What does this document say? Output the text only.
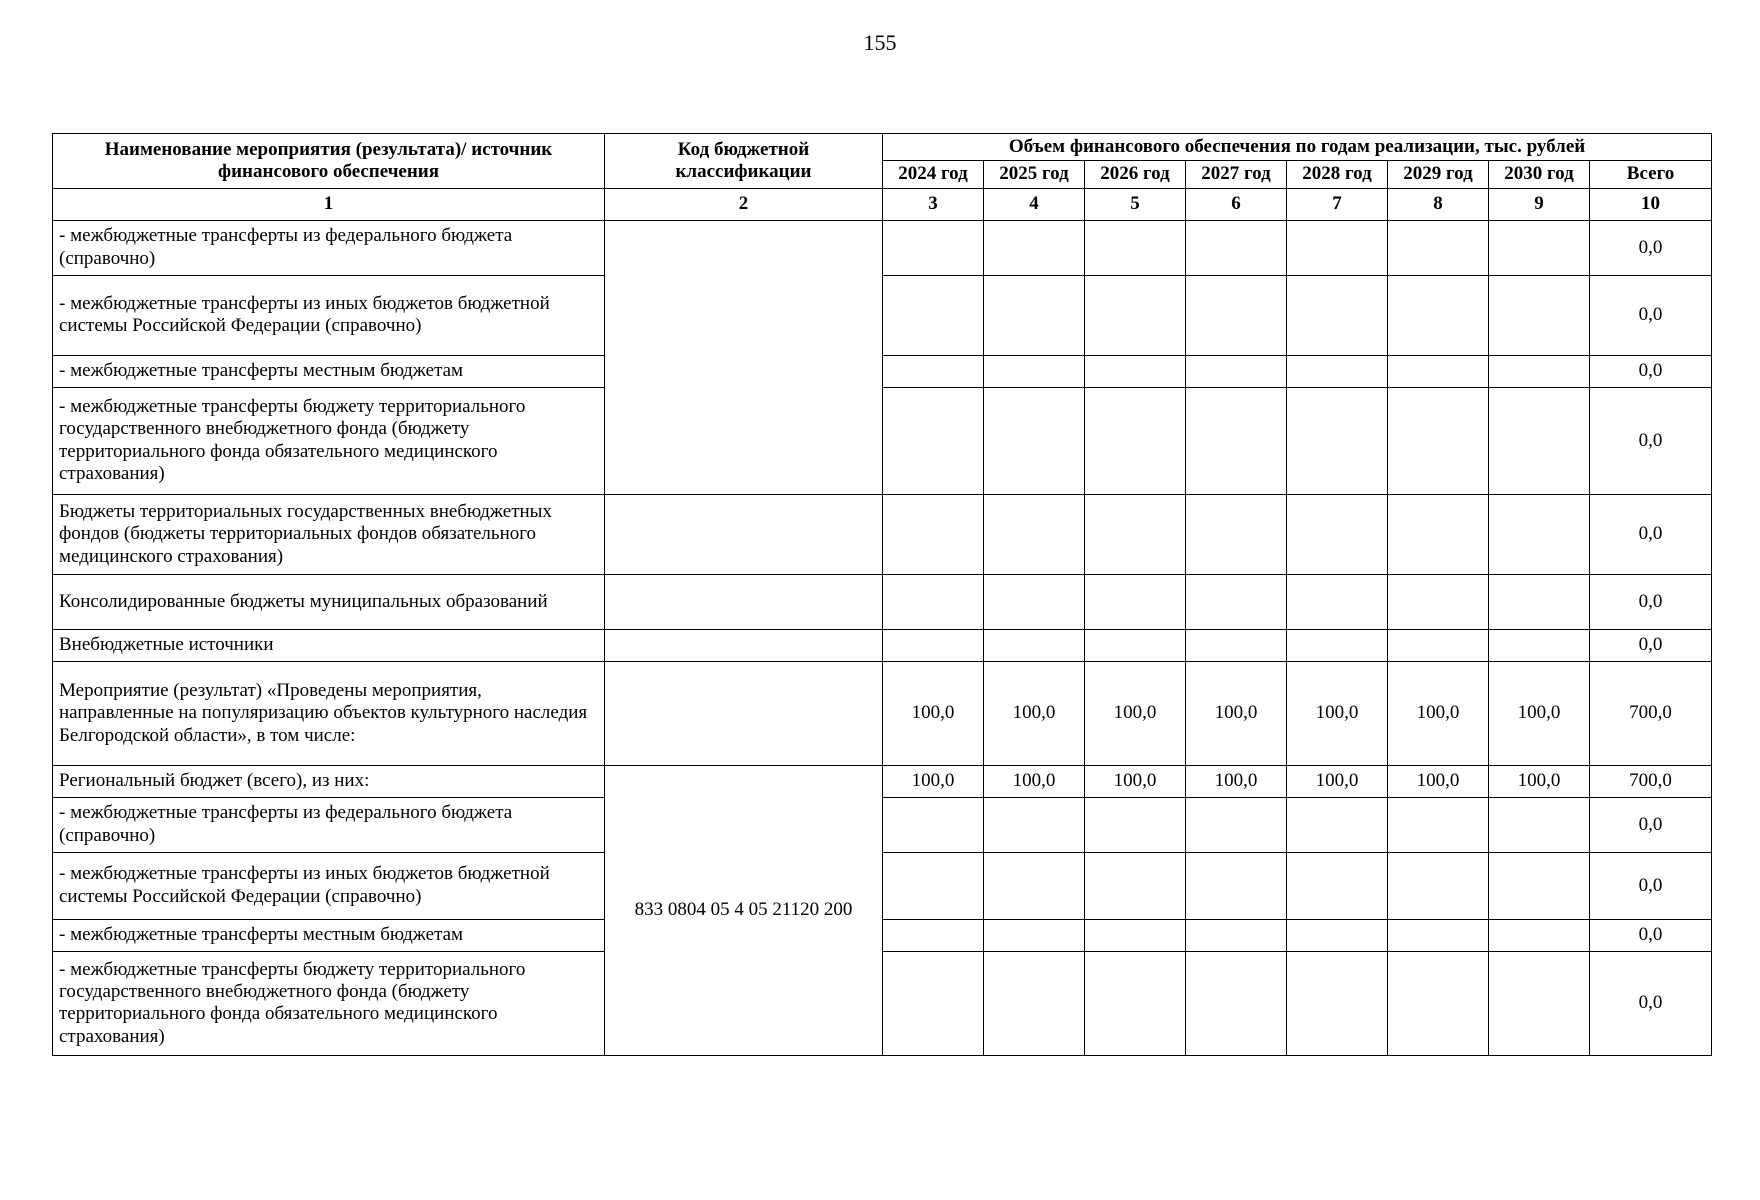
155
Наименование мероприятия (результата)/ источник финансового обеспечения	Код бюджетной классификации	Объем финансового обеспечения по годам реализации, тыс. рублей							
		2024 год	2025 год	2026 год	2027 год	2028 год	2029 год	2030 год	Всего
1	2	3	4	5	6	7	8	9	10
- межбюджетные трансферты из федерального бюджета (справочно)									0,0
- межбюджетные трансферты из иных бюджетов бюджетной системы Российской Федерации (справочно)									0,0
- межбюджетные трансферты местным бюджетам									0,0
- межбюджетные трансферты бюджету территориального государственного внебюджетного фонда (бюджету территориального фонда обязательного медицинского страхования)									0,0
Бюджеты территориальных государственных внебюджетных фондов (бюджеты территориальных фондов обязательного медицинского страхования)									0,0
Консолидированные бюджеты муниципальных образований									0,0
Внебюджетные источники									0,0
Мероприятие (результат) «Проведены мероприятия, направленные на популяризацию объектов культурного наследия Белгородской области», в том числе:		100,0	100,0	100,0	100,0	100,0	100,0	100,0	700,0
Региональный бюджет (всего), из них:	833 0804 05 4 05 21120 200	100,0	100,0	100,0	100,0	100,0	100,0	100,0	700,0
- межбюджетные трансферты из федерального бюджета (справочно)									0,0
- межбюджетные трансферты из иных бюджетов бюджетной системы Российской Федерации (справочно)									0,0
- межбюджетные трансферты местным бюджетам									0,0
- межбюджетные трансферты бюджету территориального государственного внебюджетного фонда (бюджету территориального фонда обязательного медицинского страхования)									0,0
